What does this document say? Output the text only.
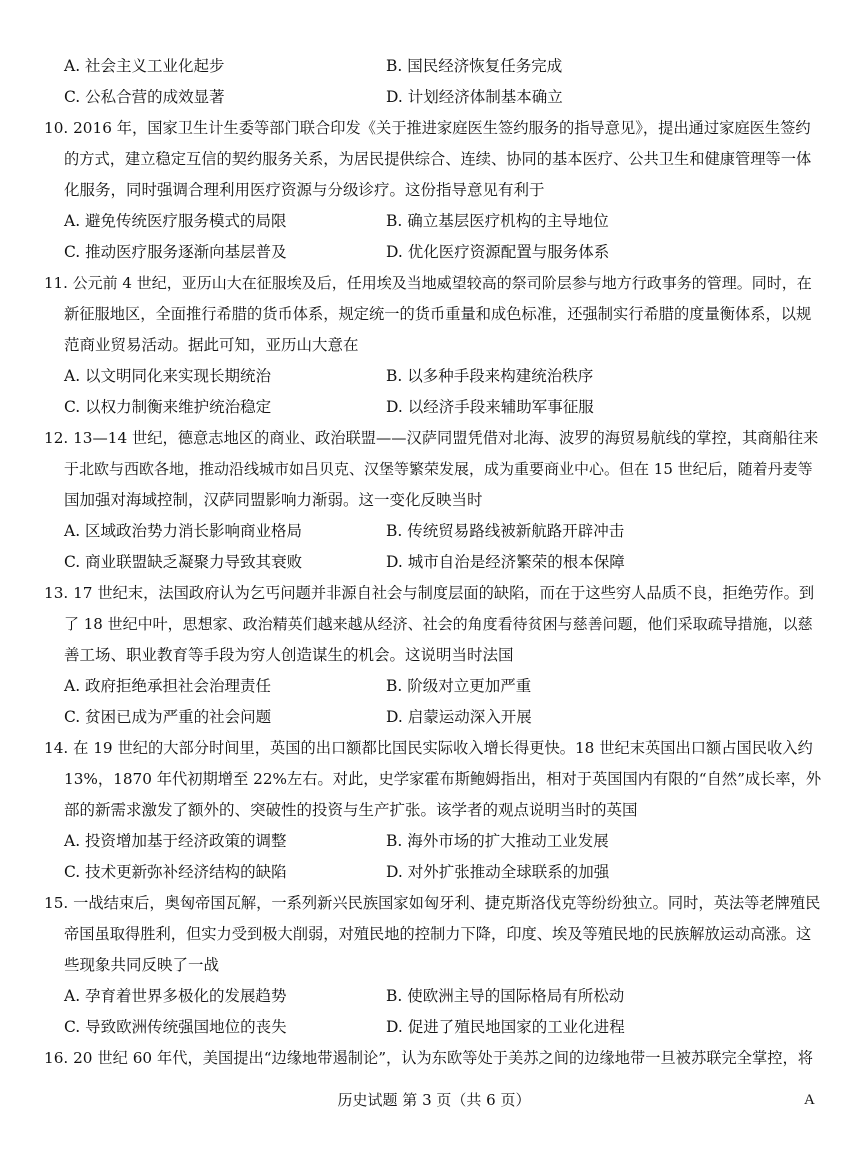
A. 社会主义工业化起步	B. 国民经济恢复任务完成
C. 公私合营的成效显著	D. 计划经济体制基本确立
10. 2016 年，国家卫生计生委等部门联合印发《关于推进家庭医生签约服务的指导意见》，提出通过家庭医生签约
的方式，建立稳定互信的契约服务关系，为居民提供综合、连续、协同的基本医疗、公共卫生和健康管理等一体
化服务，同时强调合理利用医疗资源与分级诊疗。这份指导意见有利于
A. 避免传统医疗服务模式的局限	B. 确立基层医疗机构的主导地位
C. 推动医疗服务逐渐向基层普及	D. 优化医疗资源配置与服务体系
11. 公元前 4 世纪，亚历山大在征服埃及后，任用埃及当地威望较高的祭司阶层参与地方行政事务的管理。同时，在
新征服地区，全面推行希腊的货币体系，规定统一的货币重量和成色标准，还强制实行希腊的度量衡体系，以规
范商业贸易活动。据此可知，亚历山大意在
A. 以文明同化来实现长期统治	B. 以多种手段来构建统治秩序
C. 以权力制衡来维护统治稳定	D. 以经济手段来辅助军事征服
12. 13—14 世纪，德意志地区的商业、政治联盟——汉萨同盟凭借对北海、波罗的海贸易航线的掌控，其商船往来
于北欧与西欧各地，推动沿线城市如吕贝克、汉堡等繁荣发展，成为重要商业中心。但在 15 世纪后，随着丹麦等
国加强对海域控制，汉萨同盟影响力渐弱。这一变化反映当时
A. 区域政治势力消长影响商业格局	B. 传统贸易路线被新航路开辟冲击
C. 商业联盟缺乏凝聚力导致其衰败	D. 城市自治是经济繁荣的根本保障
13. 17 世纪末，法国政府认为乞丐问题并非源自社会与制度层面的缺陷，而在于这些穷人品质不良，拒绝劳作。到
了 18 世纪中叶，思想家、政治精英们越来越从经济、社会的角度看待贫困与慈善问题，他们采取疏导措施，以慈
善工场、职业教育等手段为穷人创造谋生的机会。这说明当时法国
A. 政府拒绝承担社会治理责任	B. 阶级对立更加严重
C. 贫困已成为严重的社会问题	D. 启蒙运动深入开展
14. 在 19 世纪的大部分时间里，英国的出口额都比国民实际收入增长得更快。18 世纪末英国出口额占国民收入约
13%，1870 年代初期增至 22%左右。对此，史学家霍布斯鲍姆指出，相对于英国国内有限的“自然”成长率，外
部的新需求激发了额外的、突破性的投资与生产扩张。该学者的观点说明当时的英国
A. 投资增加基于经济政策的调整	B. 海外市场的扩大推动工业发展
C. 技术更新弥补经济结构的缺陷	D. 对外扩张推动全球联系的加强
15. 一战结束后，奥匈帝国瓦解，一系列新兴民族国家如匈牙利、捷克斯洛伐克等纷纷独立。同时，英法等老牌殖民
帝国虽取得胜利，但实力受到极大削弱，对殖民地的控制力下降，印度、埃及等殖民地的民族解放运动高涨。这
些现象共同反映了一战
A. 孕育着世界多极化的发展趋势	B. 使欧洲主导的国际格局有所松动
C. 导致欧洲传统强国地位的丧失	D. 促进了殖民地国家的工业化进程
16. 20 世纪 60 年代，美国提出“边缘地带遏制论”，认为东欧等处于美苏之间的边缘地带一旦被苏联完全掌控，将
历史试题 第 3 页（共 6 页）	A
